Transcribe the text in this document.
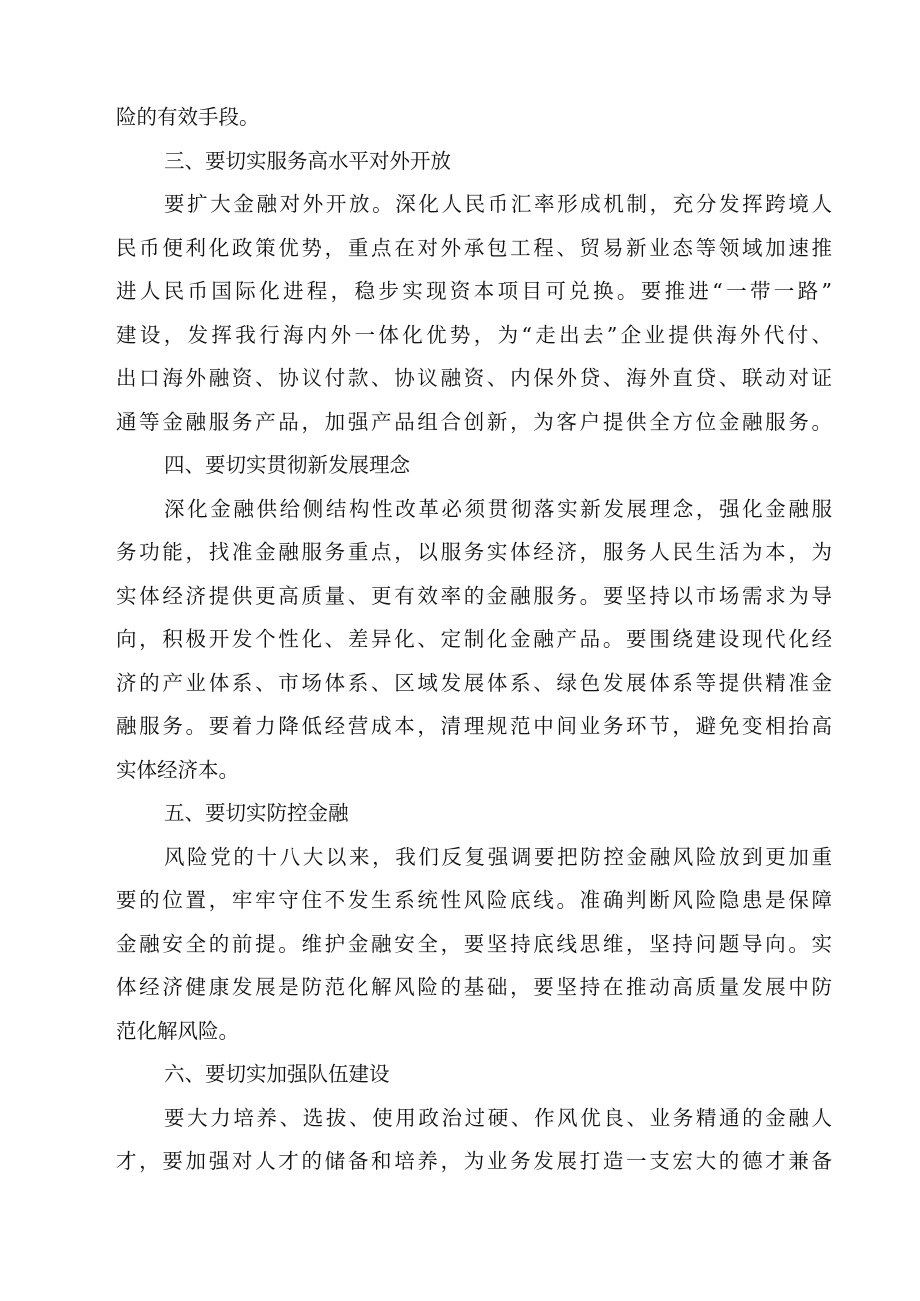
险的有效手段。
三、要切实服务高水平对外开放
要扩大金融对外开放。深化人民币汇率形成机制，充分发挥跨境人
民币便利化政策优势，重点在对外承包工程、贸易新业态等领域加速推
进人民币国际化进程，稳步实现资本项目可兑换。要推进“一带一路”
建设，发挥我行海内外一体化优势，为“走出去”企业提供海外代付、
出口海外融资、协议付款、协议融资、内保外贷、海外直贷、联动对证
通等金融服务产品，加强产品组合创新，为客户提供全方位金融服务。
四、要切实贯彻新发展理念
深化金融供给侧结构性改革必须贯彻落实新发展理念，强化金融服
务功能，找准金融服务重点，以服务实体经济，服务人民生活为本，为
实体经济提供更高质量、更有效率的金融服务。要坚持以市场需求为导
向，积极开发个性化、差异化、定制化金融产品。要围绕建设现代化经
济的产业体系、市场体系、区域发展体系、绿色发展体系等提供精准金
融服务。要着力降低经营成本，清理规范中间业务环节，避免变相抬高
实体经济本。
五、要切实防控金融
风险党的十八大以来，我们反复强调要把防控金融风险放到更加重
要的位置，牢牢守住不发生系统性风险底线。准确判断风险隐患是保障
金融安全的前提。维护金融安全，要坚持底线思维，坚持问题导向。实
体经济健康发展是防范化解风险的基础，要坚持在推动高质量发展中防
范化解风险。
六、要切实加强队伍建设
要大力培养、选拔、使用政治过硬、作风优良、业务精通的金融人
才，要加强对人才的储备和培养，为业务发展打造一支宏大的德才兼备
